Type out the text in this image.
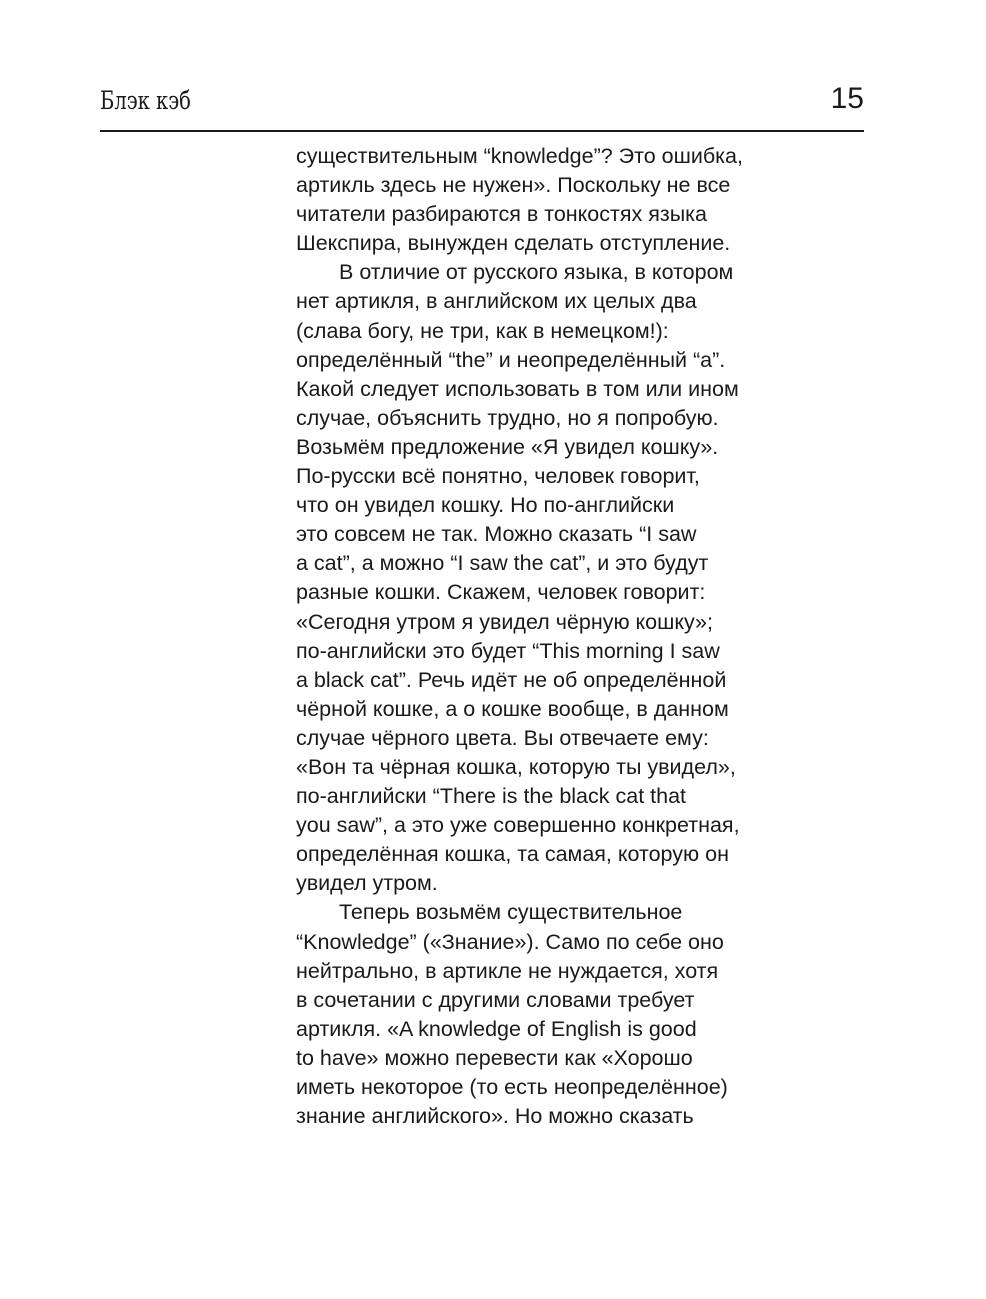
Блэк кэб	15
существительным “knowledge”? Это ошибка,
артикль здесь не нужен». Поскольку не все
читатели разбираются в тонкостях языка
Шекспира, вынужден сделать отступление.
В отличие от русского языка, в котором
нет артикля, в английском их целых два
(слава богу, не три, как в немецком!):
определённый “the” и неопределённый “a”.
Какой следует использовать в том или ином
случае, объяснить трудно, но я попробую.
Возьмём предложение «Я увидел кошку».
По-русски всё понятно, человек говорит,
что он увидел кошку. Но по-английски
это совсем не так. Можно сказать “I saw
a cat”, а можно “I saw the cat”, и это будут
разные кошки. Скажем, человек говорит:
«Сегодня утром я увидел чёрную кошку»;
по-английски это будет “This morning I saw
a black cat”. Речь идёт не об определённой
чёрной кошке, а о кошке вообще, в данном
случае чёрного цвета. Вы отвечаете ему:
«Вон та чёрная кошка, которую ты увидел»,
по-английски “There is the black cat that
you saw”, а это уже совершенно конкретная,
определённая кошка, та самая, которую он
увидел утром.
Теперь возьмём существительное
“Knowledge” («Знание»). Само по себе оно
нейтрально, в артикле не нуждается, хотя
в сочетании с другими словами требует
артикля. «A knowledge of English is good
to have» можно перевести как «Хорошо
иметь некоторое (то есть неопределённое)
знание английского». Но можно сказать
